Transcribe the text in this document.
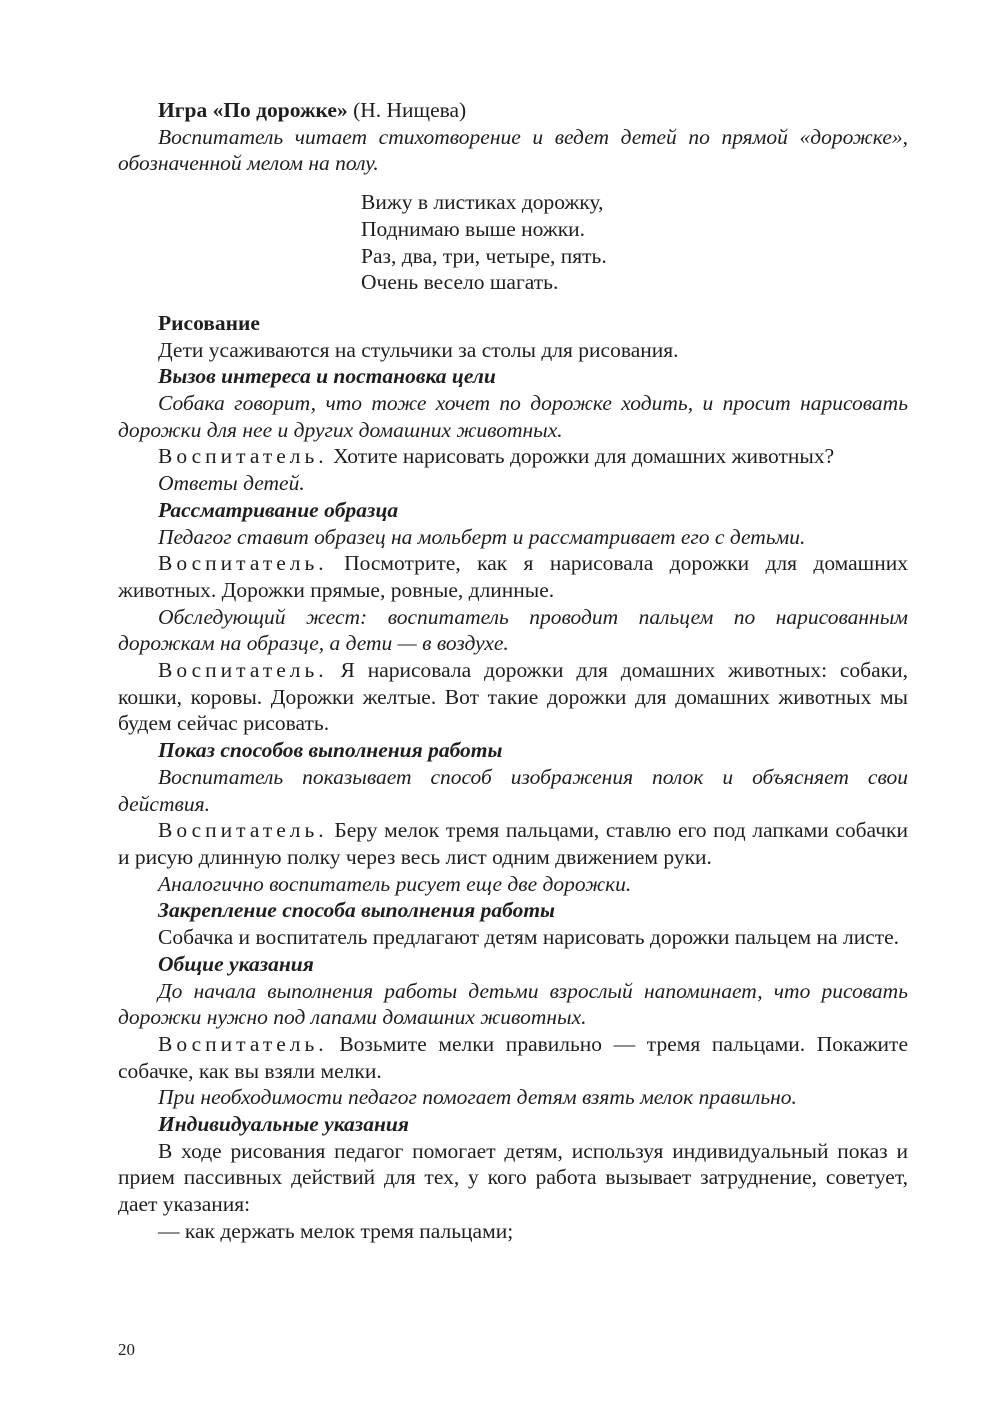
Игра «По дорожке» (Н. Нищева)

Воспитатель читает стихотворение и ведет детей по прямой «дорожке», обозначенной мелом на полу.

Вижу в листиках дорожку,
Поднимаю выше ножки.
Раз, два, три, четыре, пять.
Очень весело шагать.

Рисование

Дети усаживаются на стульчики за столы для рисования.

Вызов интереса и постановка цели

Собака говорит, что тоже хочет по дорожке ходить, и просит нарисовать дорожки для нее и других домашних животных.

Воспитатель. Хотите нарисовать дорожки для домашних животных?

Ответы детей.

Рассматривание образца

Педагог ставит образец на мольберт и рассматривает его с детьми.

Воспитатель. Посмотрите, как я нарисовала дорожки для домашних животных. Дорожки прямые, ровные, длинные.

Обследующий жест: воспитатель проводит пальцем по нарисованным дорожкам на образце, а дети — в воздухе.

Воспитатель. Я нарисовала дорожки для домашних животных: собаки, кошки, коровы. Дорожки желтые. Вот такие дорожки для домашних животных мы будем сейчас рисовать.

Показ способов выполнения работы

Воспитатель показывает способ изображения полок и объясняет свои действия.

Воспитатель. Беру мелок тремя пальцами, ставлю его под лапками собачки и рисую длинную полку через весь лист одним движением руки.

Аналогично воспитатель рисует еще две дорожки.

Закрепление способа выполнения работы

Собачка и воспитатель предлагают детям нарисовать дорожки пальцем на листе.

Общие указания

До начала выполнения работы детьми взрослый напоминает, что рисовать дорожки нужно под лапами домашних животных.

Воспитатель. Возьмите мелки правильно — тремя пальцами. Покажите собачке, как вы взяли мелки.

При необходимости педагог помогает детям взять мелок правильно.

Индивидуальные указания

В ходе рисования педагог помогает детям, используя индивидуальный показ и прием пассивных действий для тех, у кого работа вызывает затруднение, советует, дает указания:

— как держать мелок тремя пальцами;

20
